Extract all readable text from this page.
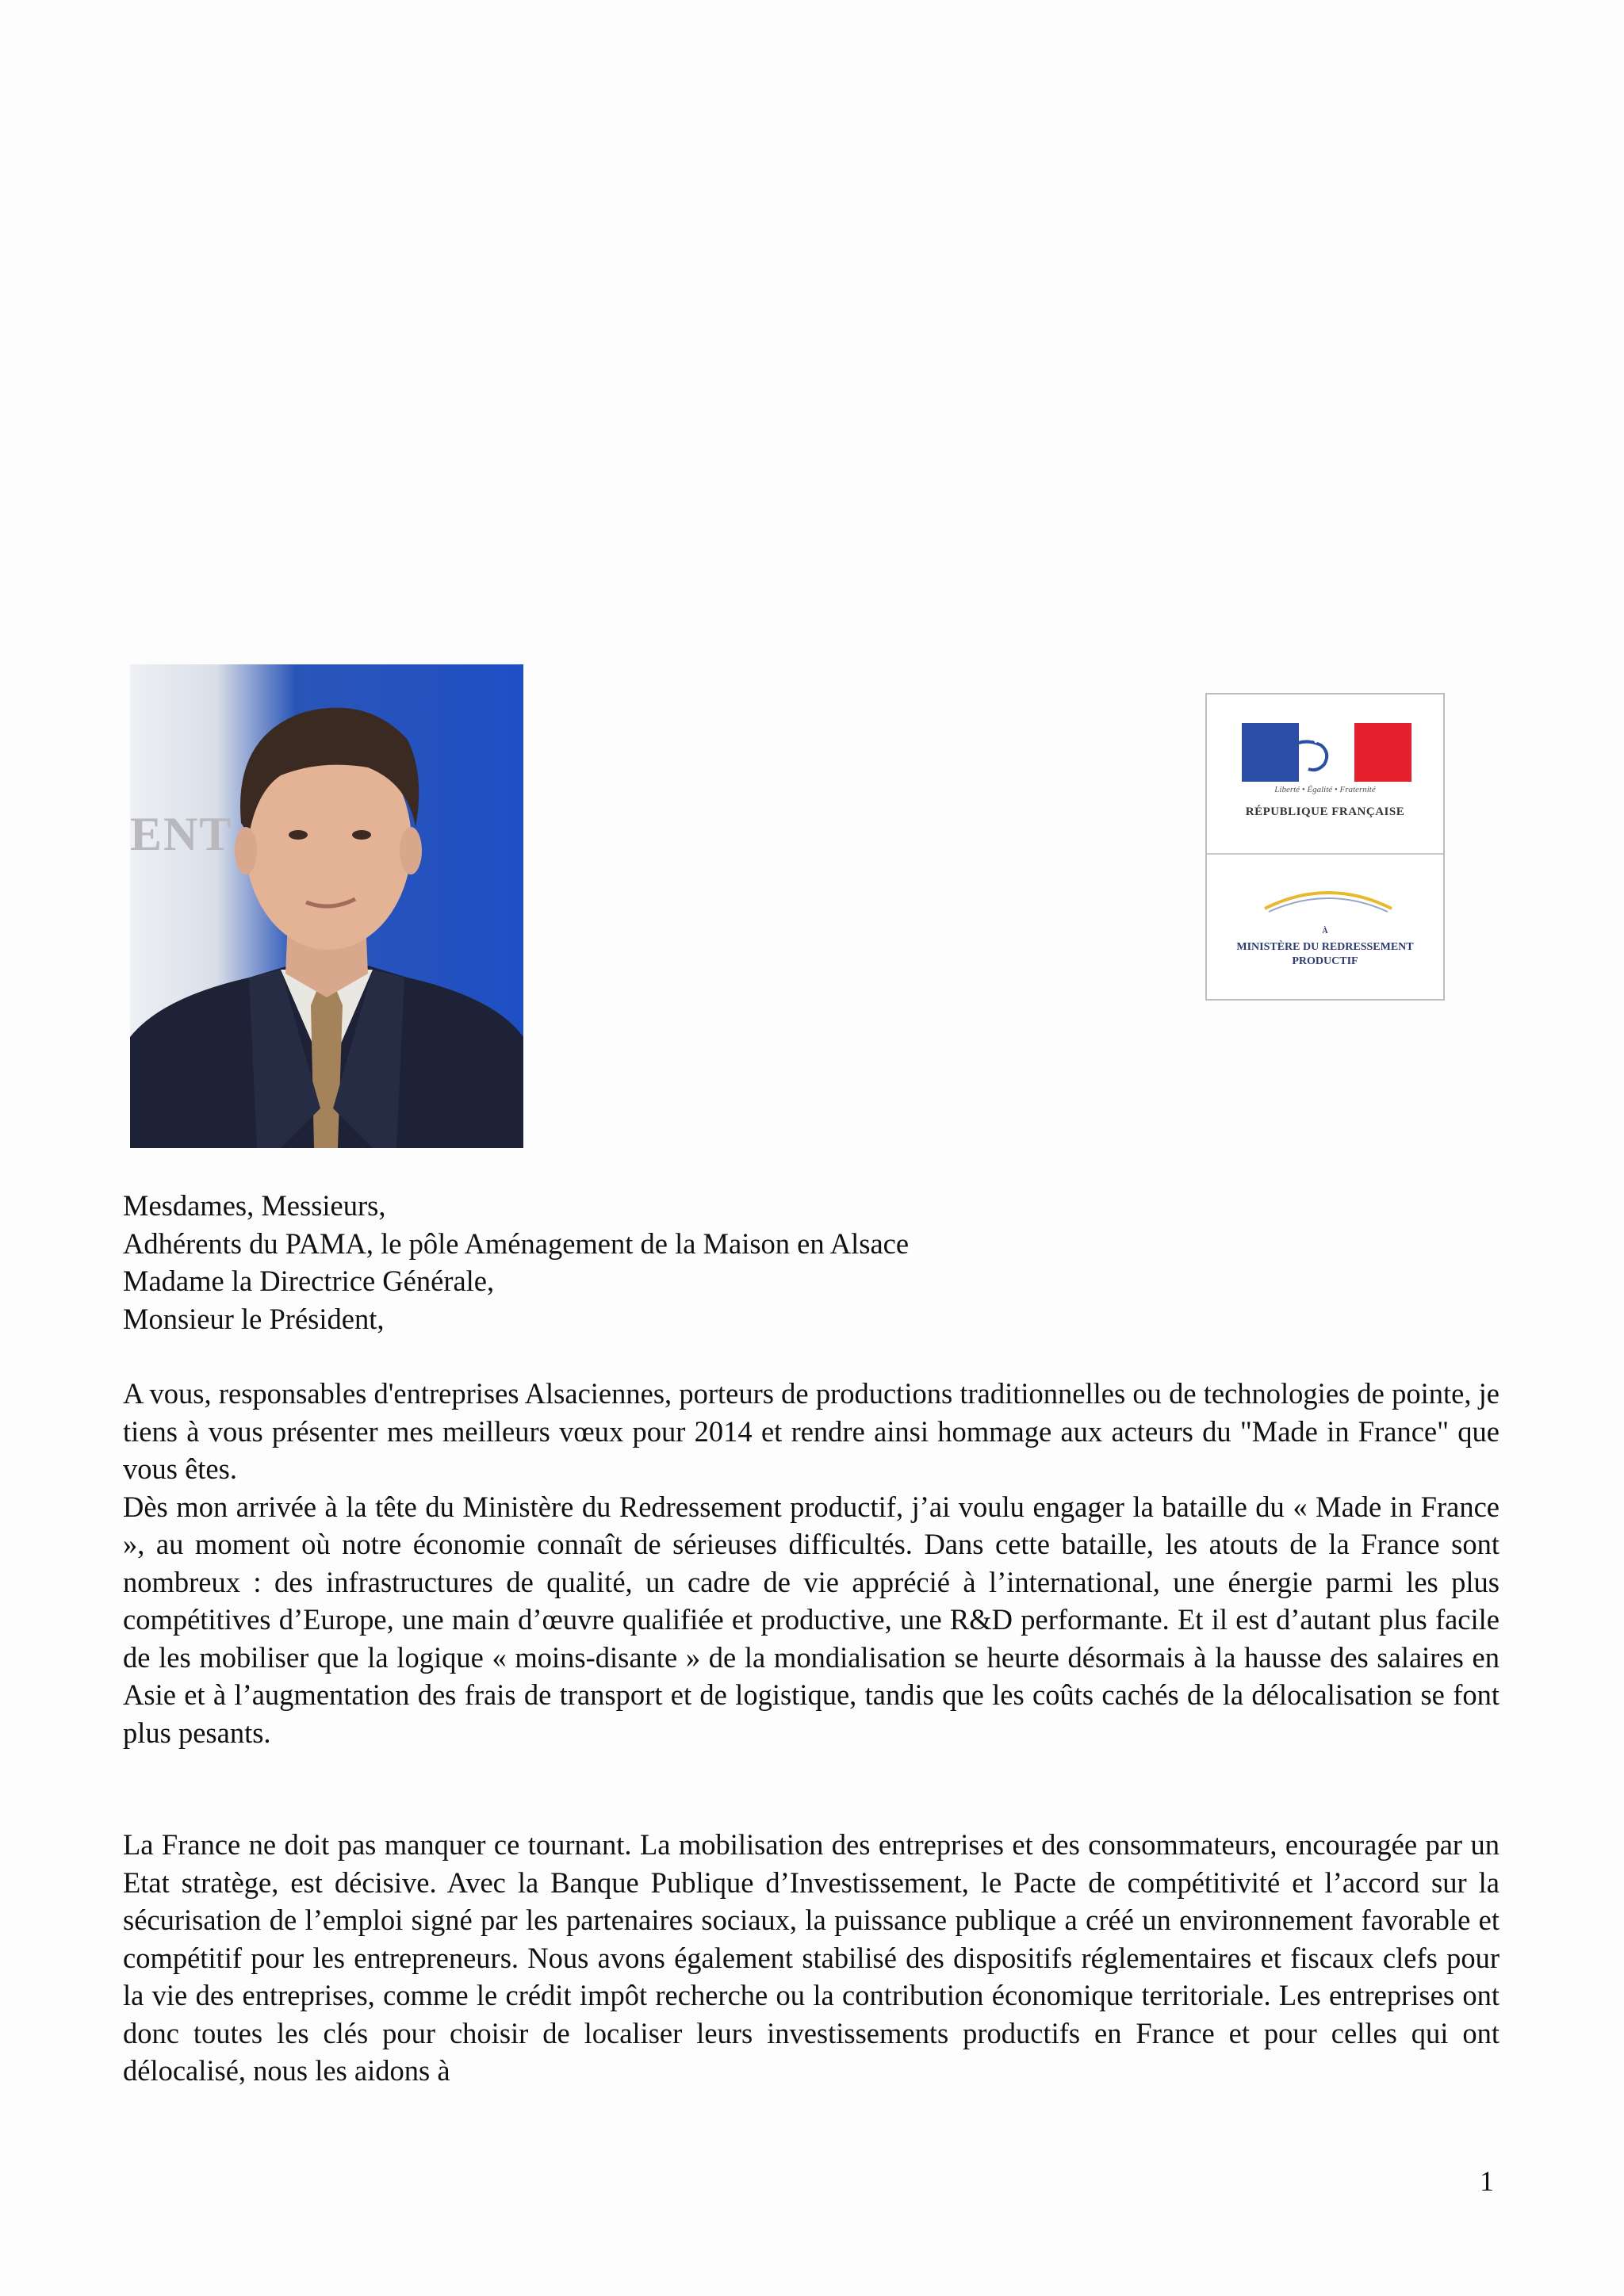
ENT
Liberté • Égalité • Fraternité
RÉPUBLIQUE FRANÇAISE
À
MINISTÈRE DU REDRESSEMENT PRODUCTIF
Mesdames, Messieurs,
Adhérents du PAMA, le pôle Aménagement de la Maison en Alsace
Madame la Directrice Générale,
Monsieur le Président,

A vous, responsables d'entreprises Alsaciennes, porteurs de productions traditionnelles ou de technologies de pointe, je tiens à vous présenter mes meilleurs vœux pour 2014 et rendre ainsi hommage aux acteurs du "Made in France" que vous êtes.

Dès mon arrivée à la tête du Ministère du Redressement productif, j’ai voulu engager la bataille du « Made in France », au moment où notre économie connaît de sérieuses difficultés. Dans cette bataille, les atouts de la France sont nombreux : des infrastructures de qualité, un cadre de vie apprécié à l’international, une énergie parmi les plus compétitives d’Europe, une main d’œuvre qualifiée et productive, une R&D performante. Et il est d’autant plus facile de les mobiliser que la logique « moins-disante » de la mondialisation se heurte désormais à la hausse des salaires en Asie et à l’augmentation des frais de transport et de logistique, tandis que les coûts cachés de la délocalisation se font plus pesants.

La France ne doit pas manquer ce tournant. La mobilisation des entreprises et des consommateurs, encouragée par un Etat stratège, est décisive. Avec la Banque Publique d’Investissement, le Pacte de compétitivité et l’accord sur la sécurisation de l’emploi signé par les partenaires sociaux, la puissance publique a créé un environnement favorable et compétitif pour les entrepreneurs. Nous avons également stabilisé des dispositifs réglementaires et fiscaux clefs pour la vie des entreprises, comme le crédit impôt recherche ou la contribution économique territoriale. Les entreprises ont donc toutes les clés pour choisir de localiser leurs investissements productifs en France et pour celles qui ont délocalisé, nous les aidons à

1
